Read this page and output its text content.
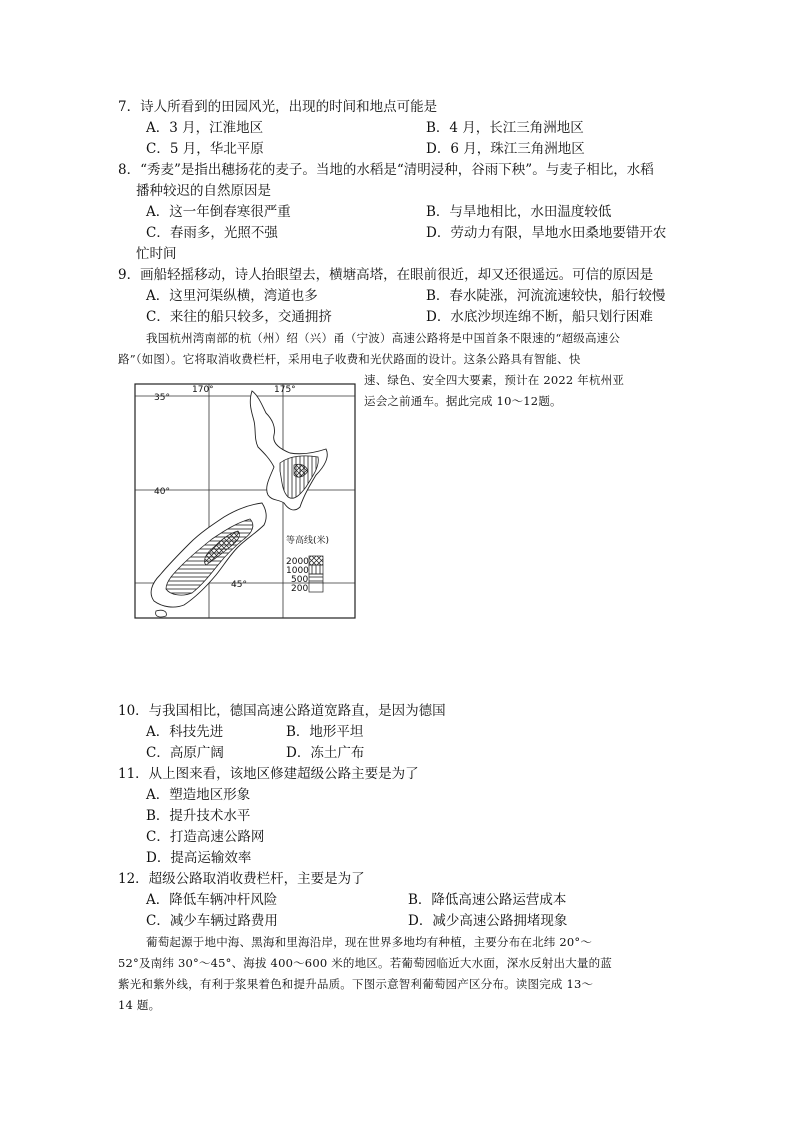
7．诗人所看到的田园风光，出现的时间和地点可能是
A．3 月，江淮地区	B．4 月，长江三角洲地区
C．5 月，华北平原	D．6 月，珠江三角洲地区
8．“秀麦”是指出穗扬花的麦子。当地的水稻是“清明浸种，谷雨下秧”。与麦子相比，水稻
播种较迟的自然原因是
A．这一年倒春寒很严重	B．与旱地相比，水田温度较低
C．春雨多，光照不强	D．劳动力有限，旱地水田桑地要错开农
忙时间
9．画船轻摇移动，诗人抬眼望去，横塘高塔，在眼前很近，却又还很遥远。可信的原因是
A．这里河渠纵横，湾道也多	B．春水陡涨，河流流速较快，船行较慢
C．来往的船只较多，交通拥挤	D．水底沙坝连绵不断，船只划行困难
我国杭州湾南部的杭（州）绍（兴）甬（宁波）高速公路将是中国首条不限速的“超级高速公
路”（如图）。它将取消收费栏杆，采用电子收费和光伏路面的设计。这条公路具有智能、快
速、绿色、安全四大要素，预计在 2022 年杭州亚
运会之前通车。据此完成 10～12题。
170°	175°
35°
40°
45°
等高线(米)
2000
1000
500
200
10．与我国相比，德国高速公路道宽路直，是因为德国
A．科技先进	B．地形平坦
C．高原广阔	D．冻土广布
11．从上图来看，该地区修建超级公路主要是为了
A．塑造地区形象
B．提升技术水平
C．打造高速公路网
D．提高运输效率
12．超级公路取消收费栏杆，主要是为了
A．降低车辆冲杆风险	B．降低高速公路运营成本
C．减少车辆过路费用	D．减少高速公路拥堵现象
葡萄起源于地中海、黑海和里海沿岸，现在世界多地均有种植，主要分布在北纬 20°～
52°及南纬 30°～45°、海拔 400～600 米的地区。若葡萄园临近大水面，深水反射出大量的蓝
紫光和紫外线，有利于浆果着色和提升品质。下图示意智利葡萄园产区分布。读图完成 13～
14 题。
